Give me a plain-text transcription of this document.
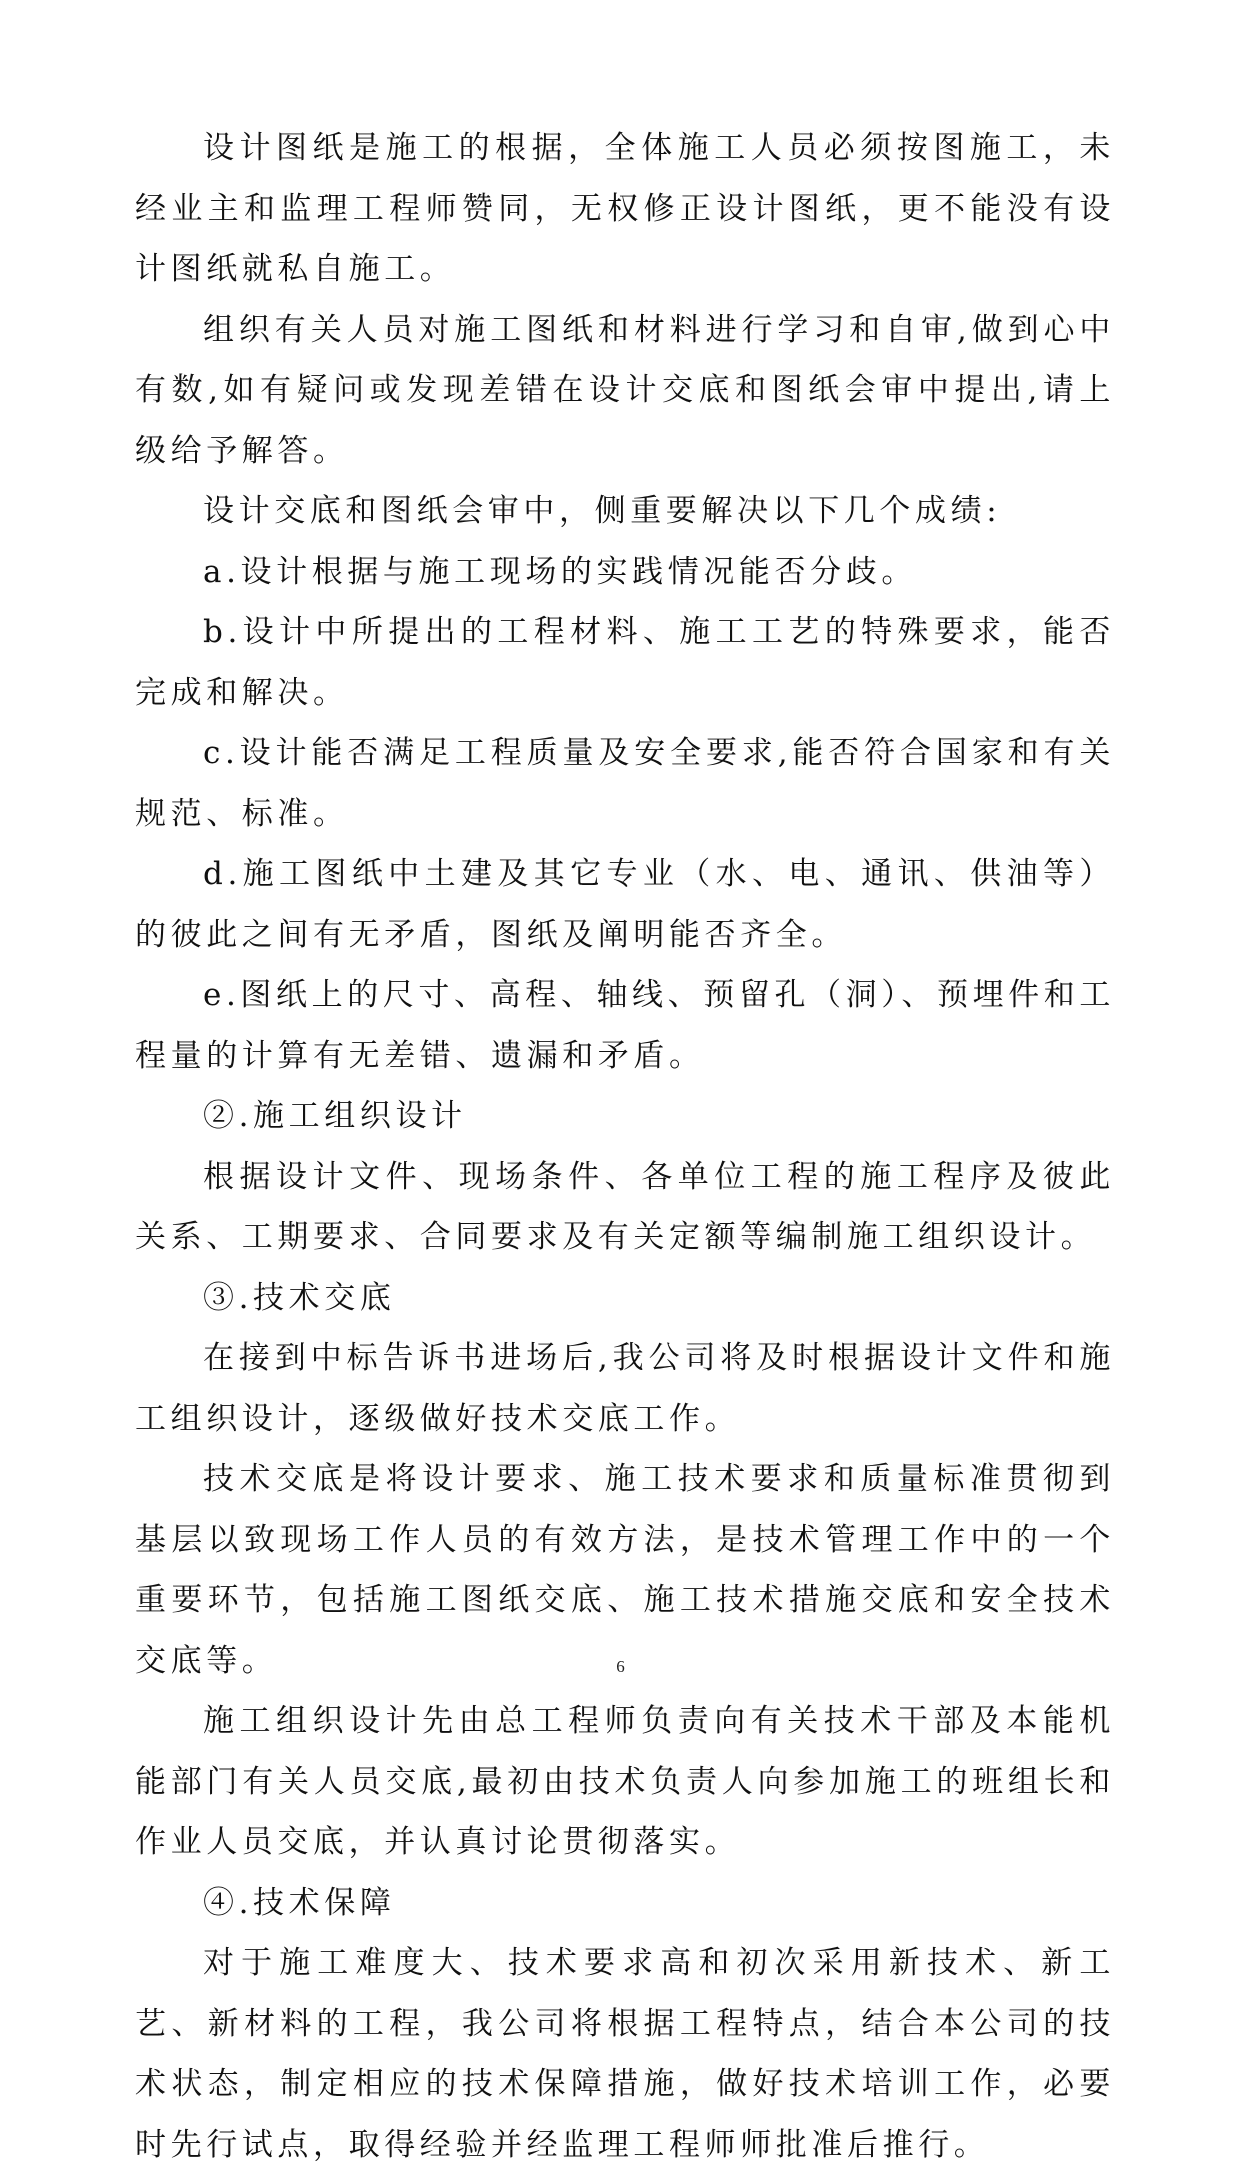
设计图纸是施工的根据，全体施工人员必须按图施工，未经业主和监理工程师赞同，无权修正设计图纸，更不能没有设计图纸就私自施工。

组织有关人员对施工图纸和材料进行学习和自审,做到心中有数,如有疑问或发现差错在设计交底和图纸会审中提出,请上级给予解答。

设计交底和图纸会审中，侧重要解决以下几个成绩:

a.设计根据与施工现场的实践情况能否分歧。

b.设计中所提出的工程材料、施工工艺的特殊要求，能否完成和解决。

c.设计能否满足工程质量及安全要求,能否符合国家和有关规范、标准。

d.施工图纸中土建及其它专业（水、电、通讯、供油等）的彼此之间有无矛盾，图纸及阐明能否齐全。

e.图纸上的尺寸、高程、轴线、预留孔（洞）、预埋件和工程量的计算有无差错、遗漏和矛盾。

②.施工组织设计

根据设计文件、现场条件、各单位工程的施工程序及彼此关系、工期要求、合同要求及有关定额等编制施工组织设计。

③.技术交底

在接到中标告诉书进场后,我公司将及时根据设计文件和施工组织设计，逐级做好技术交底工作。

技术交底是将设计要求、施工技术要求和质量标准贯彻到基层以致现场工作人员的有效方法，是技术管理工作中的一个重要环节，包括施工图纸交底、施工技术措施交底和安全技术交底等。

施工组织设计先由总工程师负责向有关技术干部及本能机能部门有关人员交底,最初由技术负责人向参加施工的班组长和作业人员交底，并认真讨论贯彻落实。

④.技术保障

对于施工难度大、技术要求高和初次采用新技术、新工艺、新材料的工程，我公司将根据工程特点，结合本公司的技术状态，制定相应的技术保障措施，做好技术培训工作，必要时先行试点，取得经验并经监理工程师师批准后推行。

6
